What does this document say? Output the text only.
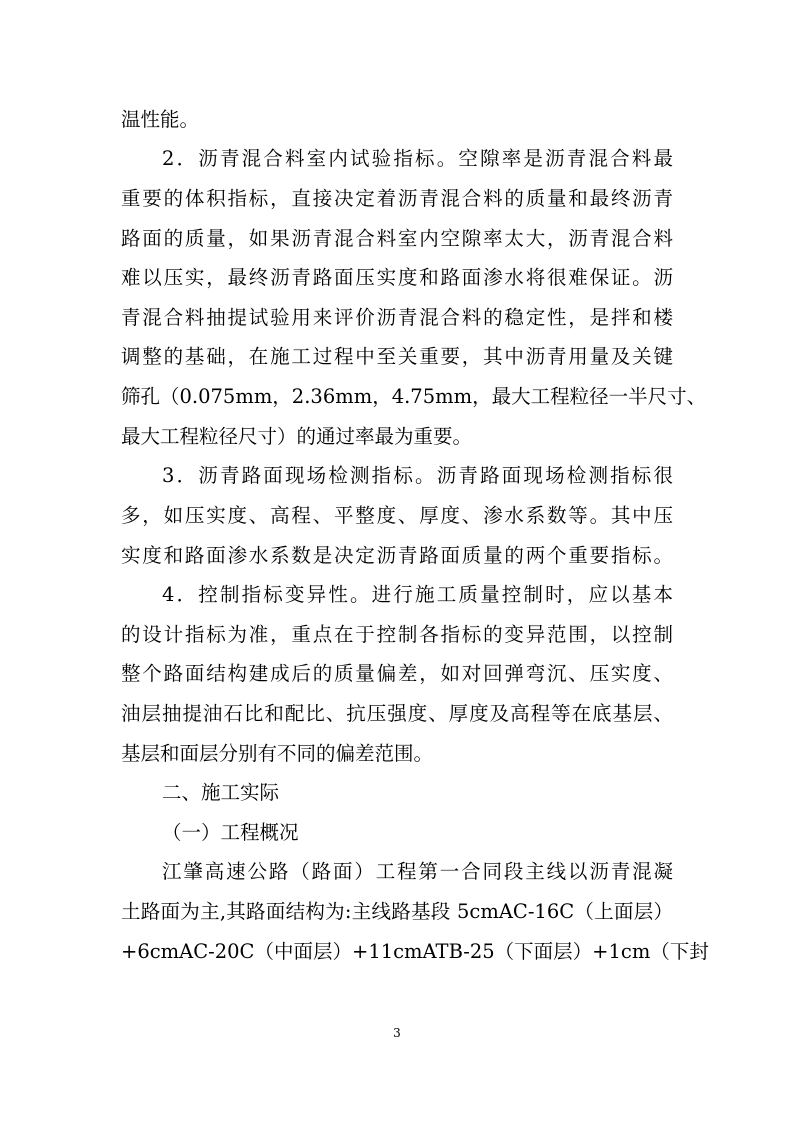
温性能。
2．沥青混合料室内试验指标。空隙率是沥青混合料最
重要的体积指标，直接决定着沥青混合料的质量和最终沥青
路面的质量，如果沥青混合料室内空隙率太大，沥青混合料
难以压实，最终沥青路面压实度和路面渗水将很难保证。沥
青混合料抽提试验用来评价沥青混合料的稳定性，是拌和楼
调整的基础，在施工过程中至关重要，其中沥青用量及关键
筛孔（0.075mm，2.36mm，4.75mm，最大工程粒径一半尺寸、
最大工程粒径尺寸）的通过率最为重要。
3．沥青路面现场检测指标。沥青路面现场检测指标很
多，如压实度、高程、平整度、厚度、渗水系数等。其中压
实度和路面渗水系数是决定沥青路面质量的两个重要指标。
4．控制指标变异性。进行施工质量控制时，应以基本
的设计指标为准，重点在于控制各指标的变异范围，以控制
整个路面结构建成后的质量偏差，如对回弹弯沉、压实度、
油层抽提油石比和配比、抗压强度、厚度及高程等在底基层、
基层和面层分别有不同的偏差范围。
二、施工实际
（一）工程概况
江肇高速公路（路面）工程第一合同段主线以沥青混凝
土路面为主,其路面结构为:主线路基段 5cmAC-16C（上面层）
+6cmAC-20C（中面层）+11cmATB-25（下面层）+1cm（下封
3
